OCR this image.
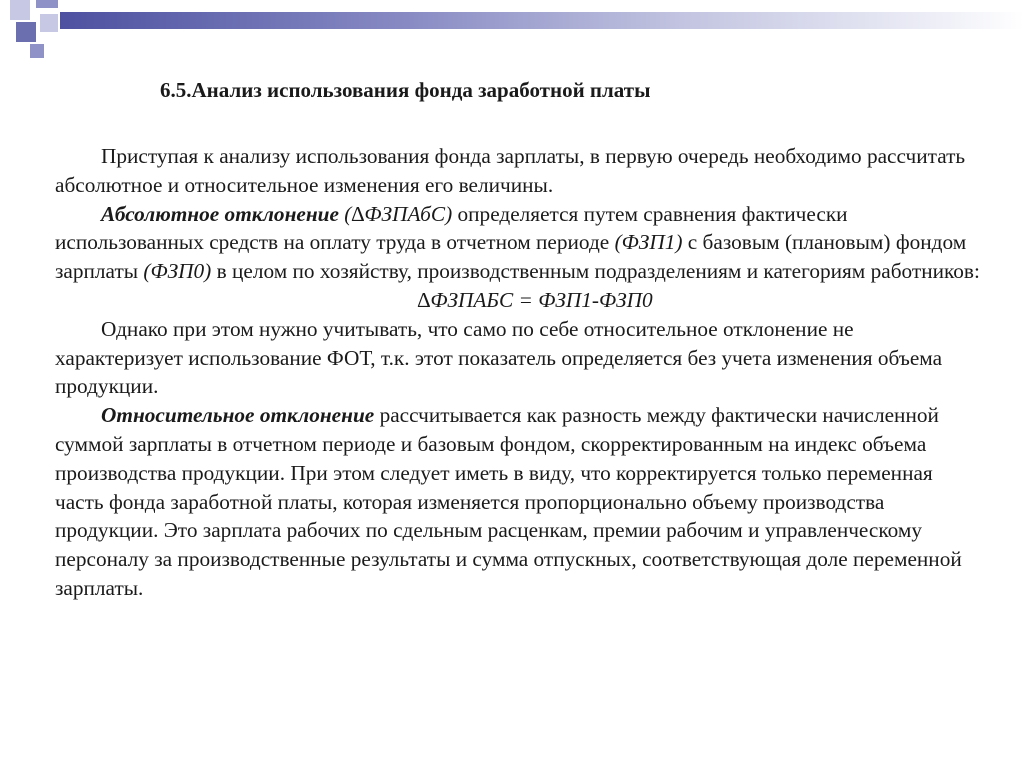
6.5.Анализ использования фонда заработной платы

Приступая к анализу использования фонда зарплаты, в первую очередь необходимо рассчитать абсолютное и относительное изменения его величины.

Абсолютное отклонение (∆ФЗПАбС) определяется путем сравнения фактически использованных средств на оплату труда в отчетном периоде (ФЗП1) с базовым (плановым) фондом зарплаты (ФЗП0) в целом по хозяйству, производственным подразделениям и категориям работников:

∆ФЗПАБС = ФЗП1-ФЗП0

Однако при этом нужно учитывать, что само по себе относительное отклонение не характеризует использование ФОТ, т.к. этот показатель определяется без учета изменения объема продукции.

Относительное отклонение рассчитывается как разность между фактически начисленной суммой зарплаты в отчетном периоде и базовым фондом, скорректированным на индекс объема производства продукции. При этом следует иметь в виду, что корректируется только переменная часть фонда заработной платы, которая изменяется пропорционально объему производства продукции. Это зарплата рабочих по сдельным расценкам, премии рабочим и управленческому персоналу за производственные результаты и сумма отпускных, соответствующая доле переменной зарплаты.
